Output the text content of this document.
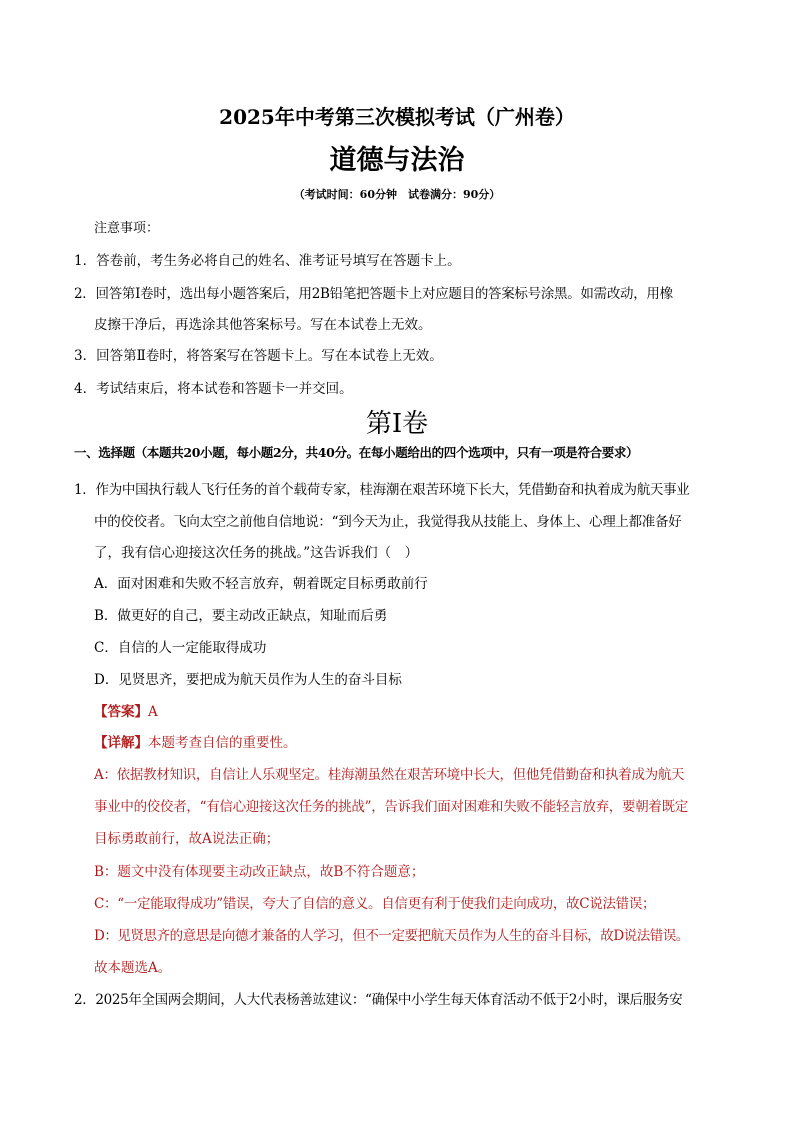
2025年中考第三次模拟考试（广州卷）
道德与法治
（考试时间：60分钟　试卷满分：90分）
注意事项：
1．答卷前，考生务必将自己的姓名、准考证号填写在答题卡上。
2．回答第Ⅰ卷时，选出每小题答案后，用2B铅笔把答题卡上对应题目的答案标号涂黑。如需改动，用橡
皮擦干净后，再选涂其他答案标号。写在本试卷上无效。
3．回答第Ⅱ卷时，将答案写在答题卡上。写在本试卷上无效。
4．考试结束后，将本试卷和答题卡一并交回。
第Ⅰ卷
一、选择题（本题共20小题，每小题2分，共40分。在每小题给出的四个选项中，只有一项是符合要求）
1．作为中国执行载人飞行任务的首个载荷专家，桂海潮在艰苦环境下长大，凭借勤奋和执着成为航天事业
中的佼佼者。飞向太空之前他自信地说：“到今天为止，我觉得我从技能上、身体上、心理上都准备好
了，我有信心迎接这次任务的挑战。”这告诉我们（　）
A．面对困难和失败不轻言放弃，朝着既定目标勇敢前行
B．做更好的自己，要主动改正缺点，知耻而后勇
C．自信的人一定能取得成功
D．见贤思齐，要把成为航天员作为人生的奋斗目标
【答案】A
【详解】本题考查自信的重要性。
A：依据教材知识，自信让人乐观坚定。桂海潮虽然在艰苦环境中长大，但他凭借勤奋和执着成为航天
事业中的佼佼者，“有信心迎接这次任务的挑战”，告诉我们面对困难和失败不能轻言放弃，要朝着既定
目标勇敢前行，故A说法正确；
B：题文中没有体现要主动改正缺点，故B不符合题意；
C：“一定能取得成功”错误，夸大了自信的意义。自信更有利于使我们走向成功，故C说法错误；
D：见贤思齐的意思是向德才兼备的人学习，但不一定要把航天员作为人生的奋斗目标，故D说法错误。
故本题选A。
2．2025年全国两会期间，人大代表杨善竑建议：“确保中小学生每天体育活动不低于2小时，课后服务安
